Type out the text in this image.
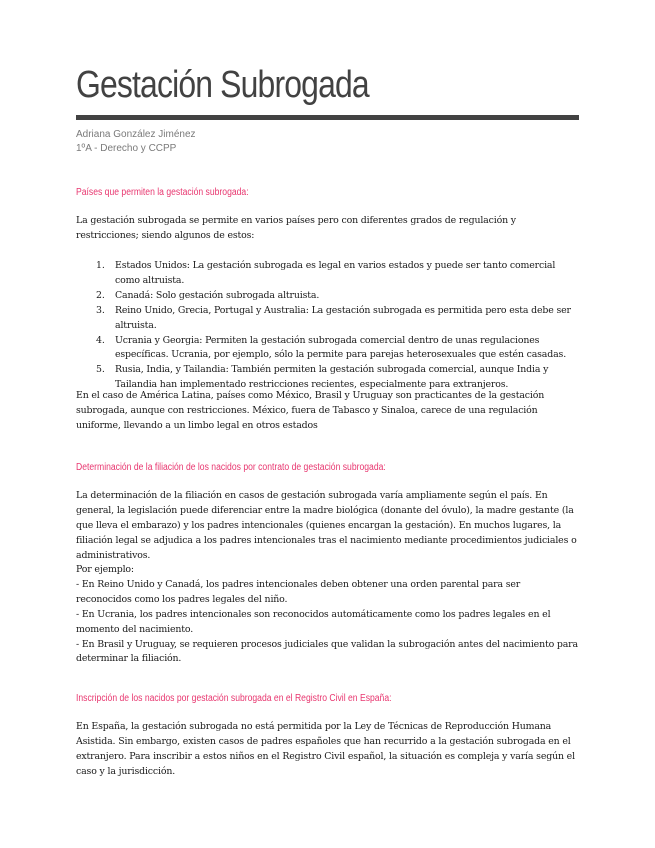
Gestación Subrogada
Adriana González Jiménez
1ºA - Derecho y CCPP
Países que permiten la gestación subrogada:
La gestación subrogada se permite en varios países pero con diferentes grados de regulación y restricciones; siendo algunos de estos:
1. Estados Unidos: La gestación subrogada es legal en varios estados y puede ser tanto comercial como altruista.
2. Canadá: Solo gestación subrogada altruista.
3. Reino Unido, Grecia, Portugal y Australia: La gestación subrogada es permitida pero esta debe ser altruista.
4. Ucrania y Georgia: Permiten la gestación subrogada comercial dentro de unas regulaciones específicas. Ucrania, por ejemplo, sólo la permite para parejas heterosexuales que estén casadas.
5. Rusia, India, y Tailandia: También permiten la gestación subrogada comercial, aunque India y Tailandia han implementado restricciones recientes, especialmente para extranjeros.
En el caso de América Latina, países como México, Brasil y Uruguay son practicantes de la gestación subrogada, aunque con restricciones. México, fuera de Tabasco y Sinaloa, carece de una regulación uniforme, llevando a un limbo legal en otros estados
Determinación de la filiación de los nacidos por contrato de gestación subrogada:
La determinación de la filiación en casos de gestación subrogada varía ampliamente según el país. En general, la legislación puede diferenciar entre la madre biológica (donante del óvulo), la madre gestante (la que lleva el embarazo) y los padres intencionales (quienes encargan la gestación). En muchos lugares, la filiación legal se adjudica a los padres intencionales tras el nacimiento mediante procedimientos judiciales o administrativos.
Por ejemplo:
- En Reino Unido y Canadá, los padres intencionales deben obtener una orden parental para ser reconocidos como los padres legales del niño.
- En Ucrania, los padres intencionales son reconocidos automáticamente como los padres legales en el momento del nacimiento.
- En Brasil y Uruguay, se requieren procesos judiciales que validan la subrogación antes del nacimiento para determinar la filiación.
Inscripción de los nacidos por gestación subrogada en el Registro Civil en España:
En España, la gestación subrogada no está permitida por la Ley de Técnicas de Reproducción Humana Asistida. Sin embargo, existen casos de padres españoles que han recurrido a la gestación subrogada en el extranjero. Para inscribir a estos niños en el Registro Civil español, la situación es compleja y varía según el caso y la jurisdicción.
